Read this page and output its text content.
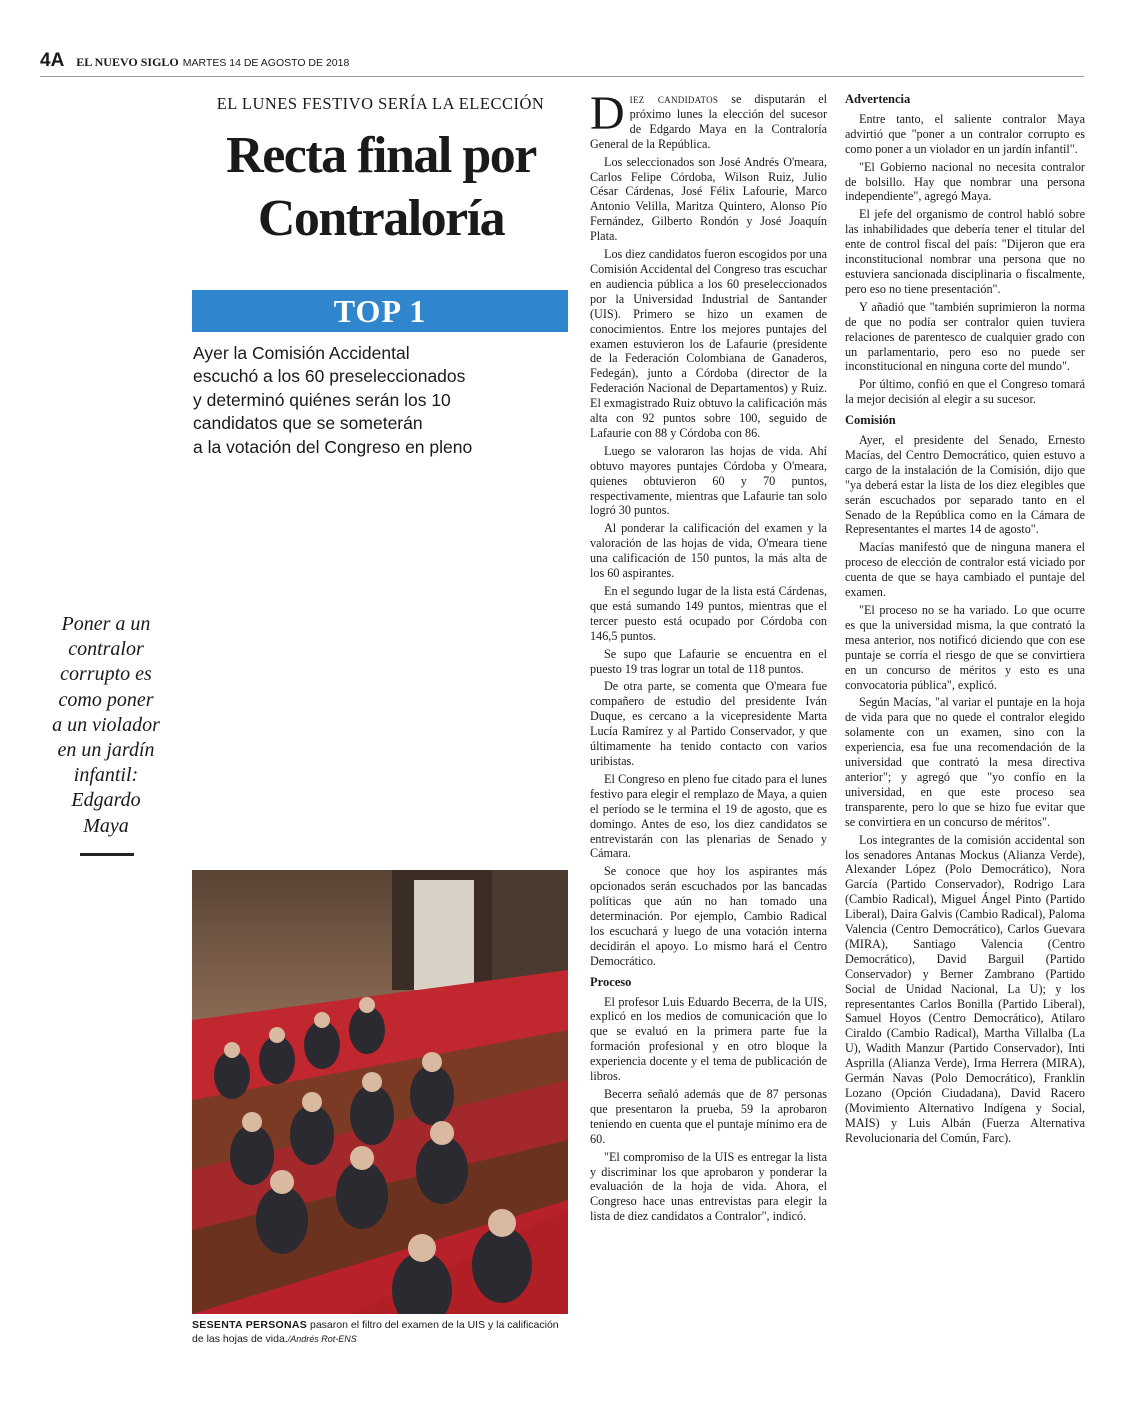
4A EL NUEVO SIGLO MARTES 14 DE AGOSTO DE 2018
EL LUNES FESTIVO SERÍA LA ELECCIÓN
Recta final por
Contraloría
TOP 1
Ayer la Comisión Accidental
escuchó a los 60 preseleccionados
y determinó quiénes serán los 10
candidatos que se someterán
a la votación del Congreso en pleno
Poner a un
contralor
corrupto es
como poner
a un violador
en un jardín
infantil:
Edgardo
Maya
SESENTA PERSONAS pasaron el filtro del examen de la UIS y la calificación de las hojas de vida./Andrés Rot-ENS

Diez candidatos se disputarán el próximo lunes la elección del sucesor de Edgardo Maya en la Contraloría General de la República.

Los seleccionados son José Andrés O'meara, Carlos Felipe Córdoba, Wilson Ruiz, Julio César Cárdenas, José Félix Lafourie, Marco Antonio Velilla, Maritza Quintero, Alonso Pío Fernández, Gilberto Rondón y José Joaquín Plata.

Los diez candidatos fueron escogidos por una Comisión Accidental del Congreso tras escuchar en audiencia pública a los 60 preseleccionados por la Universidad Industrial de Santander (UIS). Primero se hizo un examen de conocimientos. Entre los mejores puntajes del examen estuvieron los de Lafaurie (presidente de la Federación Colombiana de Ganaderos, Fedegán), junto a Córdoba (director de la Federación Nacional de Departamentos) y Ruiz. El exmagistrado Ruiz obtuvo la calificación más alta con 92 puntos sobre 100, seguido de Lafaurie con 88 y Córdoba con 86.

Luego se valoraron las hojas de vida. Ahí obtuvo mayores puntajes Córdoba y O'meara, quienes obtuvieron 60 y 70 puntos, respectivamente, mientras que Lafaurie tan solo logró 30 puntos.

Al ponderar la calificación del examen y la valoración de las hojas de vida, O'meara tiene una calificación de 150 puntos, la más alta de los 60 aspirantes.

En el segundo lugar de la lista está Cárdenas, que está sumando 149 puntos, mientras que el tercer puesto está ocupado por Córdoba con 146,5 puntos.

Se supo que Lafaurie se encuentra en el puesto 19 tras lograr un total de 118 puntos.

De otra parte, se comenta que O'meara fue compañero de estudio del presidente Iván Duque, es cercano a la vicepresidente Marta Lucía Ramírez y al Partido Conservador, y que últimamente ha tenido contacto con varios uribistas.

El Congreso en pleno fue citado para el lunes festivo para elegir el remplazo de Maya, a quien el período se le termina el 19 de agosto, que es domingo. Antes de eso, los diez candidatos se entrevistarán con las plenarias de Senado y Cámara.

Se conoce que hoy los aspirantes más opcionados serán escuchados por las bancadas políticas que aún no han tomado una determinación. Por ejemplo, Cambio Radical los escuchará y luego de una votación interna decidirán el apoyo. Lo mismo hará el Centro Democrático.

Proceso

El profesor Luis Eduardo Becerra, de la UIS, explicó en los medios de comunicación que lo que se evaluó en la primera parte fue la formación profesional y en otro bloque la experiencia docente y el tema de publicación de libros.

Becerra señaló además que de 87 personas que presentaron la prueba, 59 la aprobaron teniendo en cuenta que el puntaje mínimo era de 60.

"El compromiso de la UIS es entregar la lista y discriminar los que aprobaron y ponderar la evaluación de la hoja de vida. Ahora, el Congreso hace unas entrevistas para elegir la lista de diez candidatos a Contralor", indicó.

Advertencia

Entre tanto, el saliente contralor Maya advirtió que "poner a un contralor corrupto es como poner a un violador en un jardín infantil".

"El Gobierno nacional no necesita contralor de bolsillo. Hay que nombrar una persona independiente", agregó Maya.

El jefe del organismo de control habló sobre las inhabilidades que debería tener el titular del ente de control fiscal del país: "Dijeron que era inconstitucional nombrar una persona que no estuviera sancionada disciplinaria o fiscalmente, pero eso no tiene presentación".

Y añadió que "también suprimieron la norma de que no podía ser contralor quien tuviera relaciones de parentesco de cualquier grado con un parlamentario, pero eso no puede ser inconstitucional en ninguna corte del mundo".

Por último, confió en que el Congreso tomará la mejor decisión al elegir a su sucesor.

Comisión

Ayer, el presidente del Senado, Ernesto Macías, del Centro Democrático, quien estuvo a cargo de la instalación de la Comisión, dijo que "ya deberá estar la lista de los diez elegibles que serán escuchados por separado tanto en el Senado de la República como en la Cámara de Representantes el martes 14 de agosto".

Macías manifestó que de ninguna manera el proceso de elección de contralor está viciado por cuenta de que se haya cambiado el puntaje del examen.

"El proceso no se ha variado. Lo que ocurre es que la universidad misma, la que contrató la mesa anterior, nos notificó diciendo que con ese puntaje se corría el riesgo de que se convirtiera en un concurso de méritos y esto es una convocatoria pública", explicó.

Según Macías, "al variar el puntaje en la hoja de vida para que no quede el contralor elegido solamente con un examen, sino con la experiencia, esa fue una recomendación de la universidad que contrató la mesa directiva anterior"; y agregó que "yo confío en la universidad, en que este proceso sea transparente, pero lo que se hizo fue evitar que se convirtiera en un concurso de méritos".

Los integrantes de la comisión accidental son los senadores Antanas Mockus (Alianza Verde), Alexander López (Polo Democrático), Nora García (Partido Conservador), Rodrigo Lara (Cambio Radical), Miguel Ángel Pinto (Partido Liberal), Daira Galvis (Cambio Radical), Paloma Valencia (Centro Democrático), Carlos Guevara (MIRA), Santiago Valencia (Centro Democrático), David Barguil (Partido Conservador) y Berner Zambrano (Partido Social de Unidad Nacional, La U); y los representantes Carlos Bonilla (Partido Liberal), Samuel Hoyos (Centro Democrático), Atilaro Ciraldo (Cambio Radical), Martha Villalba (La U), Wadith Manzur (Partido Conservador), Inti Asprilla (Alianza Verde), Irma Herrera (MIRA), Germán Navas (Polo Democrático), Franklin Lozano (Opción Ciudadana), David Racero (Movimiento Alternativo Indígena y Social, MAIS) y Luis Albán (Fuerza Alternativa Revolucionaria del Común, Farc).
